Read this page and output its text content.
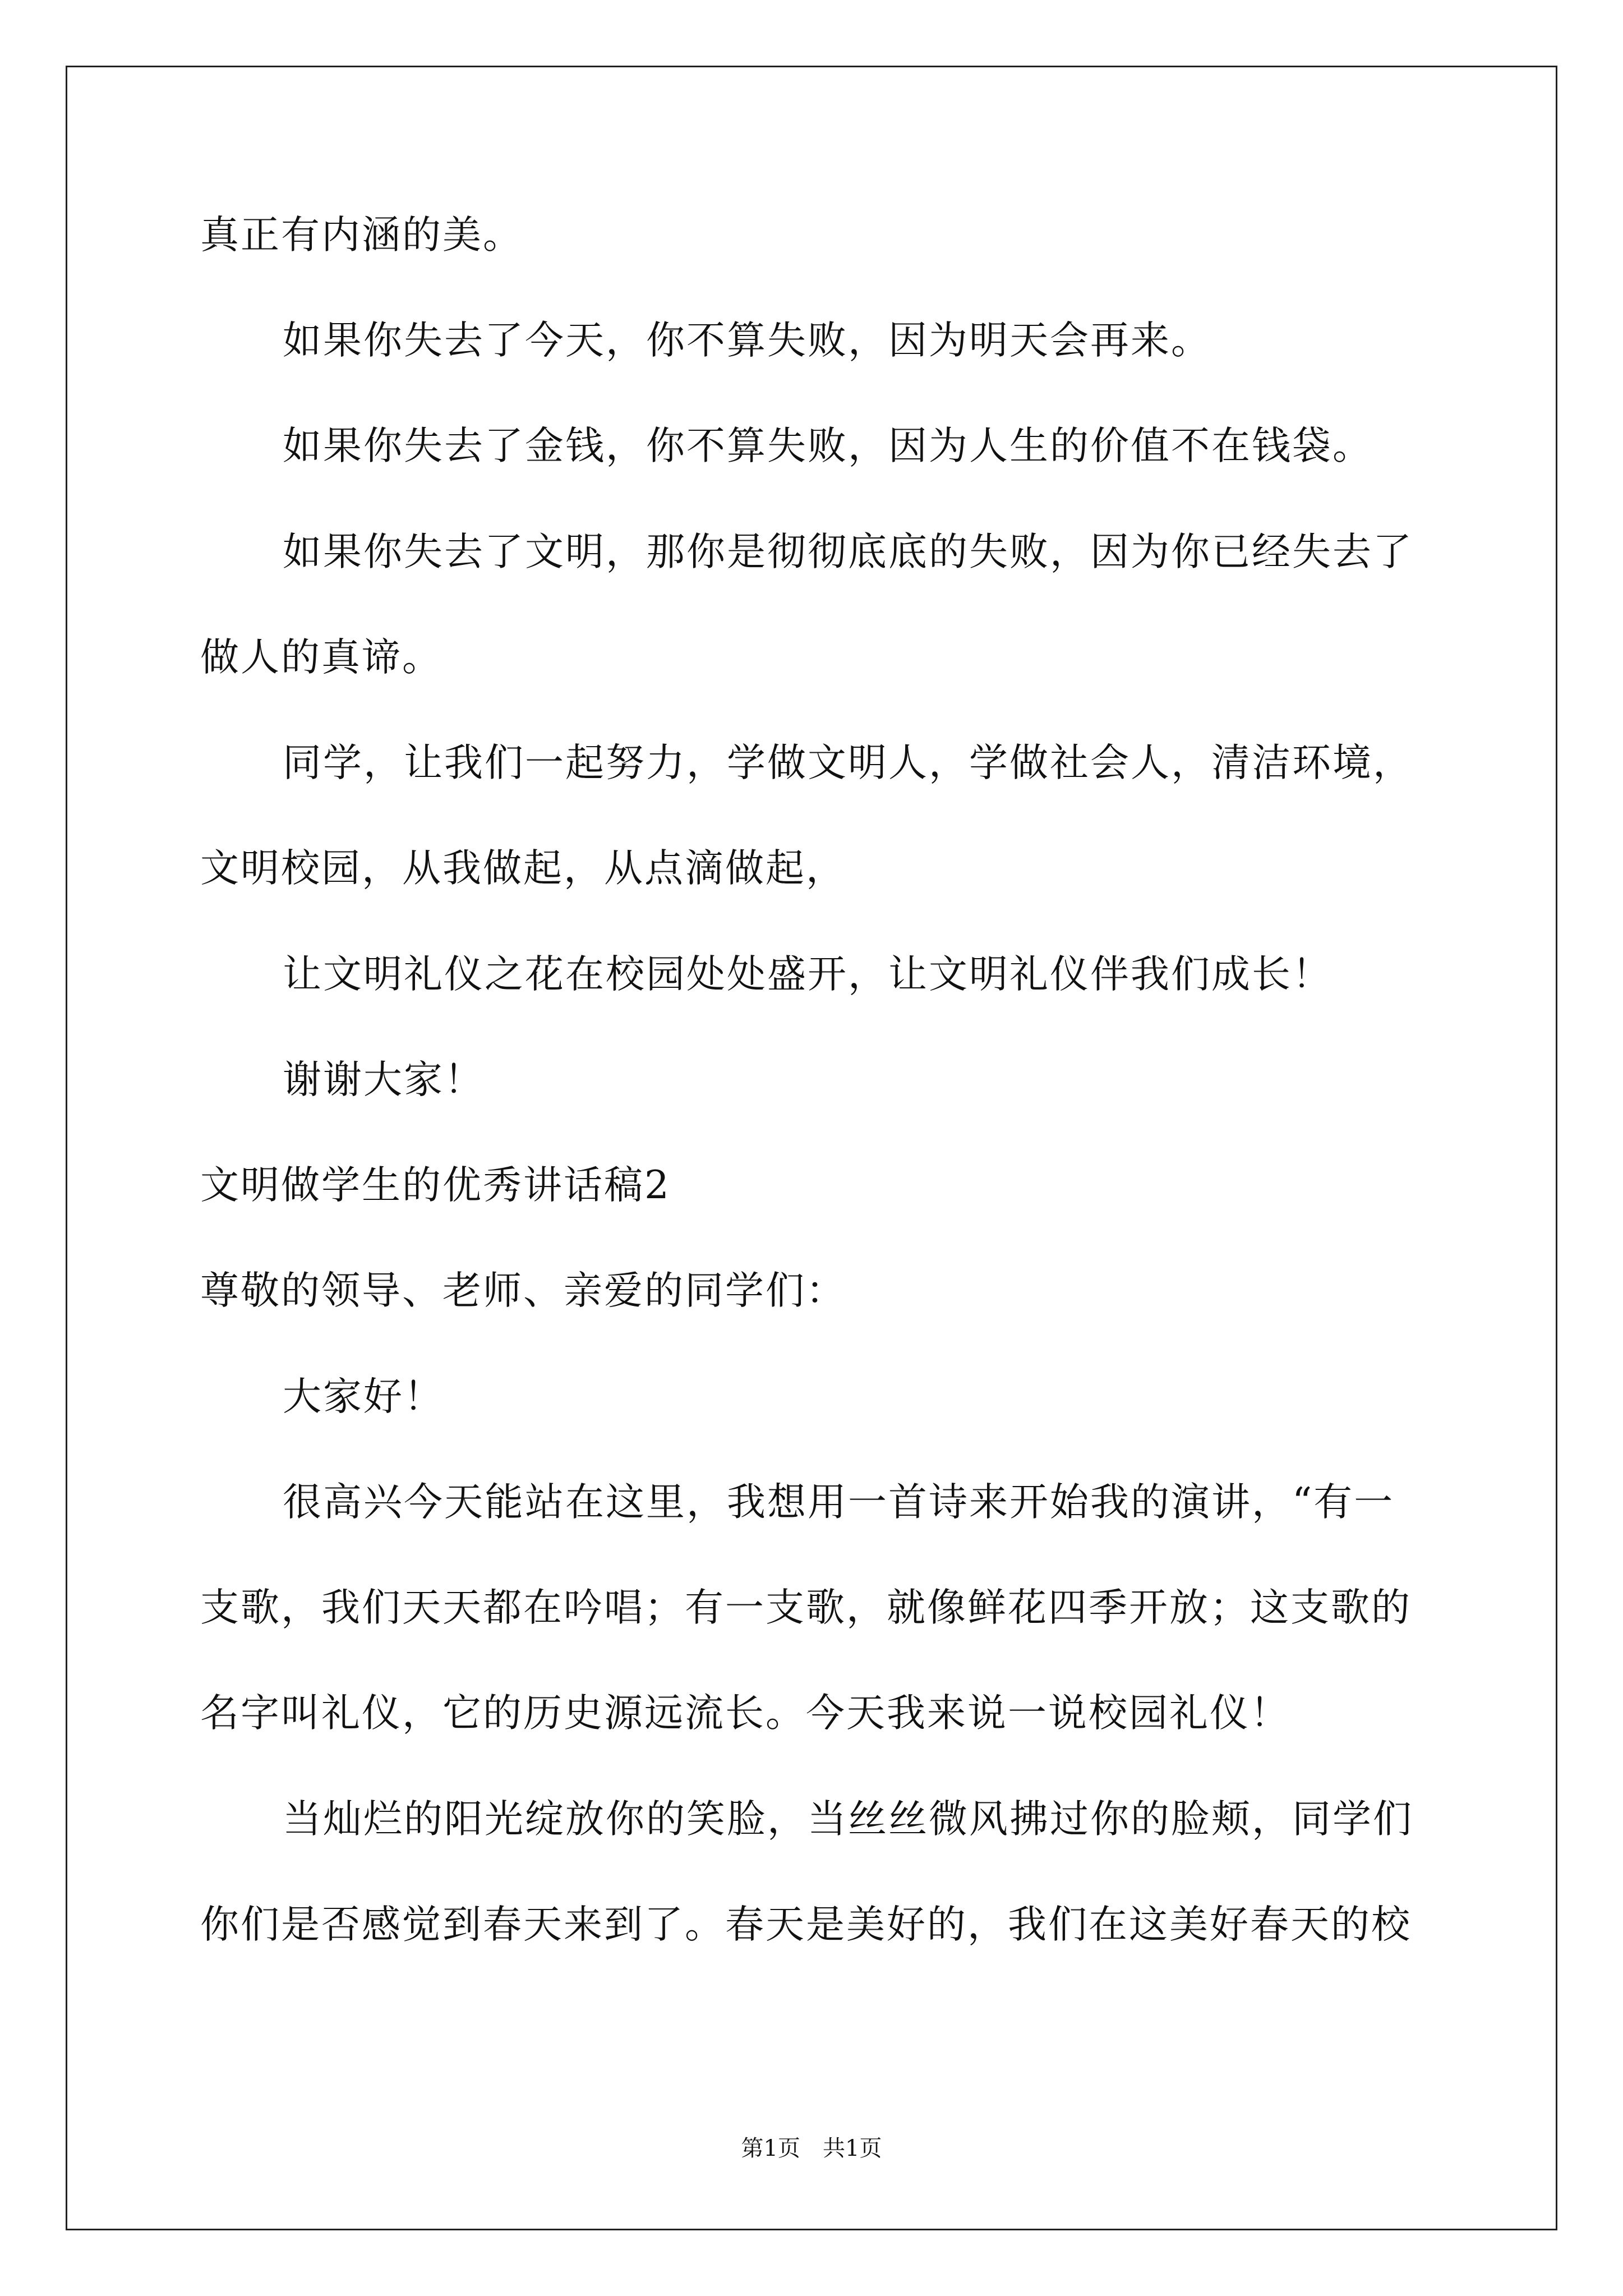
真正有内涵的美。
如果你失去了今天，你不算失败，因为明天会再来。
如果你失去了金钱，你不算失败，因为人生的价值不在钱袋。
如果你失去了文明，那你是彻彻底底的失败，因为你已经失去了
做人的真谛。
同学，让我们一起努力，学做文明人，学做社会人，清洁环境，
文明校园，从我做起，从点滴做起，
让文明礼仪之花在校园处处盛开，让文明礼仪伴我们成长！
谢谢大家！
文明做学生的优秀讲话稿2
尊敬的领导、老师、亲爱的同学们：
大家好！
很高兴今天能站在这里，我想用一首诗来开始我的演讲，“有一
支歌，我们天天都在吟唱；有一支歌，就像鲜花四季开放；这支歌的
名字叫礼仪，它的历史源远流长。今天我来说一说校园礼仪！
当灿烂的阳光绽放你的笑脸，当丝丝微风拂过你的脸颊，同学们
你们是否感觉到春天来到了。春天是美好的，我们在这美好春天的校
第1页　共1页
